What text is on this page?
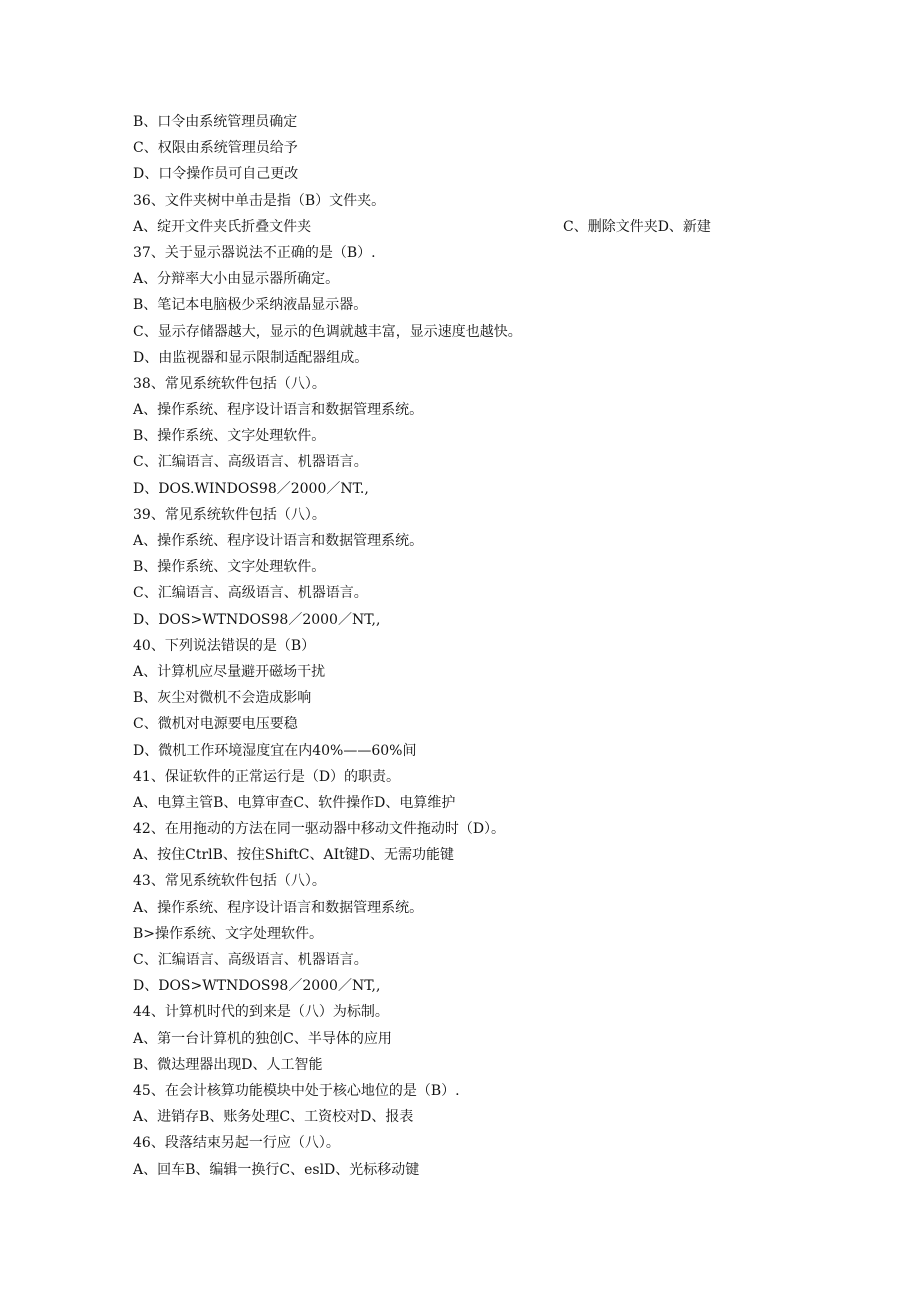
B、口令由系统管理员确定
C、权限由系统管理员给予
D、口令操作员可自己更改
36、文件夹树中单击是指（B）文件夹。
A、绽开文件夹氏折叠文件夹	C、删除文件夹D、新建
37、关于显示器说法不正确的是（B）.
A、分辩率大小由显示器所确定。
B、笔记本电脑极少采纳液晶显示器。
C、显示存储器越大，显示的色调就越丰富，显示速度也越快。
D、由监视器和显示限制适配器组成。
38、常见系统软件包括（八）。
A、操作系统、程序设计语言和数据管理系统。
B、操作系统、文字处理软件。
C、汇编语言、高级语言、机器语言。
D、DOS.WINDOS98／2000／NT.,
39、常见系统软件包括（八）。
A、操作系统、程序设计语言和数据管理系统。
B、操作系统、文字处理软件。
C、汇编语言、高级语言、机器语言。
D、DOS>WTNDOS98／2000／NT,,
40、下列说法错误的是（B）
A、计算机应尽量避开磁场干扰
B、灰尘对微机不会造成影响
C、微机对电源要电压要稳
D、微机工作环境湿度宜在内40%——60%间
41、保证软件的正常运行是（D）的职责。
A、电算主管B、电算审查C、软件操作D、电算维护
42、在用拖动的方法在同一驱动器中移动文件拖动时（D）。
A、按住CtrlB、按住ShiftC、AIt键D、无需功能键
43、常见系统软件包括（八）。
A、操作系统、程序设计语言和数据管理系统。
B>操作系统、文字处理软件。
C、汇编语言、高级语言、机器语言。
D、DOS>WTNDOS98／2000／NT,,
44、计算机时代的到来是（八）为标制。
A、第一台计算机的独创C、半导体的应用
B、微达理器出现D、人工智能
45、在会计核算功能模块中处于核心地位的是（B）.
A、进销存B、账务处理C、工资校对D、报表
46、段落结束另起一行应（八）。
A、回车B、编辑一换行C、eslD、光标移动键
